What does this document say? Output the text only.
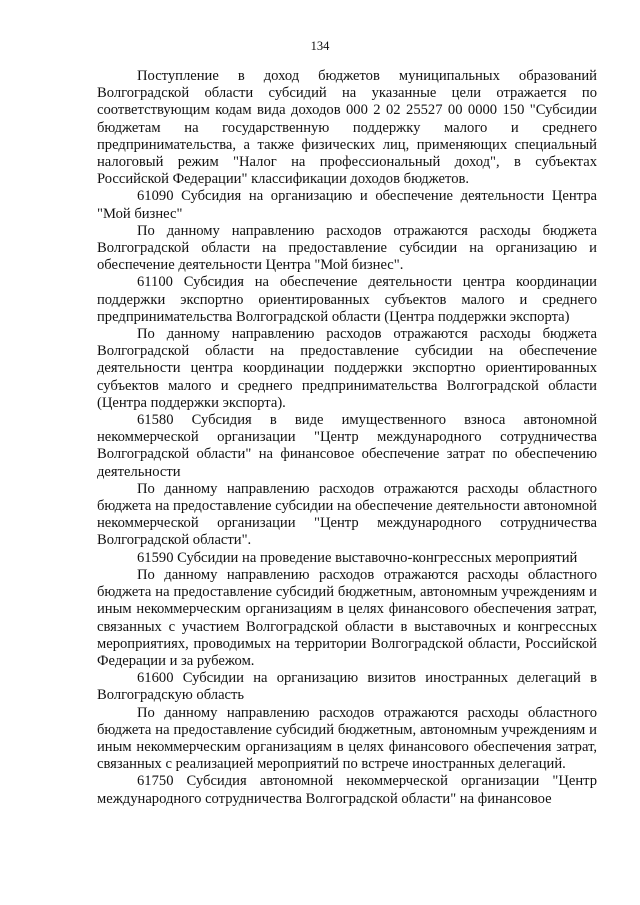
134

Поступление в доход бюджетов муниципальных образований Волгоградской области субсидий на указанные цели отражается по соответствующим кодам вида доходов 000 2 02 25527 00 0000 150 "Субсидии бюджетам на государственную поддержку малого и среднего предпринимательства, а также физических лиц, применяющих специальный налоговый режим "Налог на профессиональный доход", в субъектах Российской Федерации" классификации доходов бюджетов.

61090 Субсидия на организацию и обеспечение деятельности Центра "Мой бизнес"

По данному направлению расходов отражаются расходы бюджета Волгоградской области на предоставление субсидии на организацию и обеспечение деятельности Центра "Мой бизнес".

61100 Субсидия на обеспечение деятельности центра координации поддержки экспортно ориентированных субъектов малого и среднего предпринимательства Волгоградской области (Центра поддержки экспорта)

По данному направлению расходов отражаются расходы бюджета Волгоградской области на предоставление субсидии на обеспечение деятельности центра координации поддержки экспортно ориентированных субъектов малого и среднего предпринимательства Волгоградской области (Центра поддержки экспорта).

61580 Субсидия в виде имущественного взноса автономной некоммерческой организации "Центр международного сотрудничества Волгоградской области" на финансовое обеспечение затрат по обеспечению деятельности

По данному направлению расходов отражаются расходы областного бюджета на предоставление субсидии на обеспечение деятельности автономной некоммерческой организации "Центр международного сотрудничества Волгоградской области".

61590 Субсидии на проведение выставочно-конгрессных мероприятий

По данному направлению расходов отражаются расходы областного бюджета на предоставление субсидий бюджетным, автономным учреждениям и иным некоммерческим организациям в целях финансового обеспечения затрат, связанных с участием Волгоградской области в выставочных и конгрессных мероприятиях, проводимых на территории Волгоградской области, Российской Федерации и за рубежом.

61600 Субсидии на организацию визитов иностранных делегаций в Волгоградскую область

По данному направлению расходов отражаются расходы областного бюджета на предоставление субсидий бюджетным, автономным учреждениям и иным некоммерческим организациям в целях финансового обеспечения затрат, связанных с реализацией мероприятий по встрече иностранных делегаций.

61750 Субсидия автономной некоммерческой организации "Центр международного сотрудничества Волгоградской области" на финансовое
